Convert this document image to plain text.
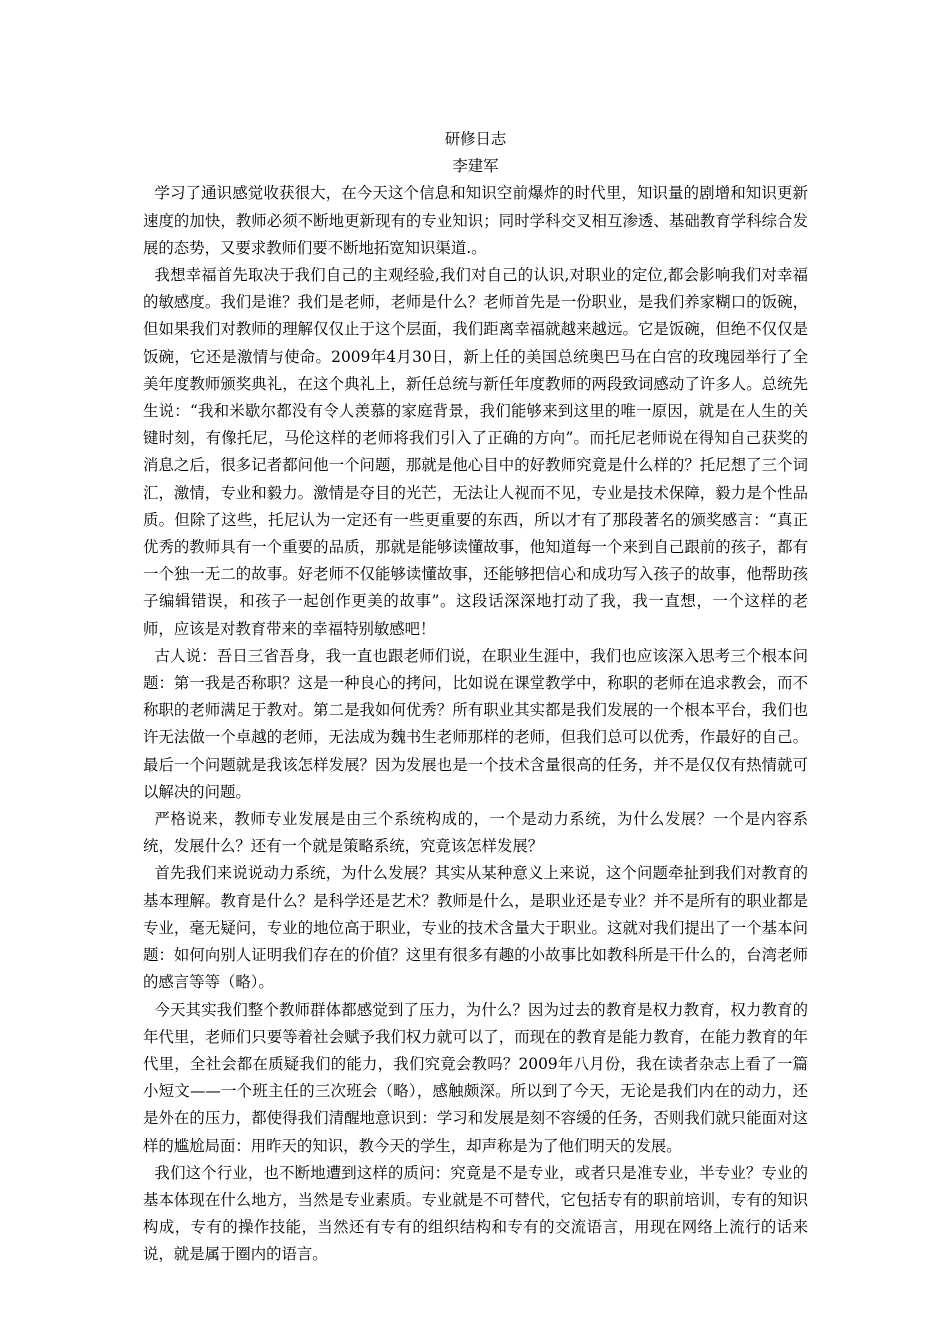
研修日志

李建军

学习了通识感觉收获很大，在今天这个信息和知识空前爆炸的时代里，知识量的剧增和知识更新速度的加快，教师必须不断地更新现有的专业知识；同时学科交叉相互渗透、基础教育学科综合发展的态势，又要求教师们要不断地拓宽知识渠道.。

我想幸福首先取决于我们自己的主观经验,我们对自己的认识,对职业的定位,都会影响我们对幸福的敏感度。我们是谁？我们是老师，老师是什么？老师首先是一份职业，是我们养家糊口的饭碗，但如果我们对教师的理解仅仅止于这个层面，我们距离幸福就越来越远。它是饭碗，但绝不仅仅是饭碗，它还是激情与使命。2009年4月30日，新上任的美国总统奥巴马在白宫的玫瑰园举行了全美年度教师颁奖典礼，在这个典礼上，新任总统与新任年度教师的两段致词感动了许多人。总统先生说：“我和米歇尔都没有令人羡慕的家庭背景，我们能够来到这里的唯一原因，就是在人生的关键时刻，有像托尼，马伦这样的老师将我们引入了正确的方向”。而托尼老师说在得知自己获奖的消息之后，很多记者都问他一个问题，那就是他心目中的好教师究竟是什么样的？托尼想了三个词汇，激情，专业和毅力。激情是夺目的光芒，无法让人视而不见，专业是技术保障，毅力是个性品质。但除了这些，托尼认为一定还有一些更重要的东西，所以才有了那段著名的颁奖感言：“真正优秀的教师具有一个重要的品质，那就是能够读懂故事，他知道每一个来到自己跟前的孩子，都有一个独一无二的故事。好老师不仅能够读懂故事，还能够把信心和成功写入孩子的故事，他帮助孩子编辑错误，和孩子一起创作更美的故事”。这段话深深地打动了我，我一直想，一个这样的老师，应该是对教育带来的幸福特别敏感吧！

古人说：吾日三省吾身，我一直也跟老师们说，在职业生涯中，我们也应该深入思考三个根本问题：第一我是否称职？这是一种良心的拷问，比如说在课堂教学中，称职的老师在追求教会，而不称职的老师满足于教对。第二是我如何优秀？所有职业其实都是我们发展的一个根本平台，我们也许无法做一个卓越的老师，无法成为魏书生老师那样的老师，但我们总可以优秀，作最好的自己。最后一个问题就是我该怎样发展？因为发展也是一个技术含量很高的任务，并不是仅仅有热情就可以解决的问题。

严格说来，教师专业发展是由三个系统构成的，一个是动力系统，为什么发展？一个是内容系统，发展什么？还有一个就是策略系统，究竟该怎样发展？

首先我们来说说动力系统，为什么发展？其实从某种意义上来说，这个问题牵扯到我们对教育的基本理解。教育是什么？是科学还是艺术？教师是什么，是职业还是专业？并不是所有的职业都是专业，毫无疑问，专业的地位高于职业，专业的技术含量大于职业。这就对我们提出了一个基本问题：如何向别人证明我们存在的价值？这里有很多有趣的小故事比如教科所是干什么的，台湾老师的感言等等（略）。

今天其实我们整个教师群体都感觉到了压力，为什么？因为过去的教育是权力教育，权力教育的年代里，老师们只要等着社会赋予我们权力就可以了，而现在的教育是能力教育，在能力教育的年代里，全社会都在质疑我们的能力，我们究竟会教吗？2009年八月份，我在读者杂志上看了一篇小短文——一个班主任的三次班会（略），感触颇深。所以到了今天，无论是我们内在的动力，还是外在的压力，都使得我们清醒地意识到：学习和发展是刻不容缓的任务，否则我们就只能面对这样的尴尬局面：用昨天的知识，教今天的学生，却声称是为了他们明天的发展。

我们这个行业，也不断地遭到这样的质问：究竟是不是专业，或者只是准专业，半专业？专业的基本体现在什么地方，当然是专业素质。专业就是不可替代，它包括专有的职前培训，专有的知识构成，专有的操作技能，当然还有专有的组织结构和专有的交流语言，用现在网络上流行的话来说，就是属于圈内的语言。
